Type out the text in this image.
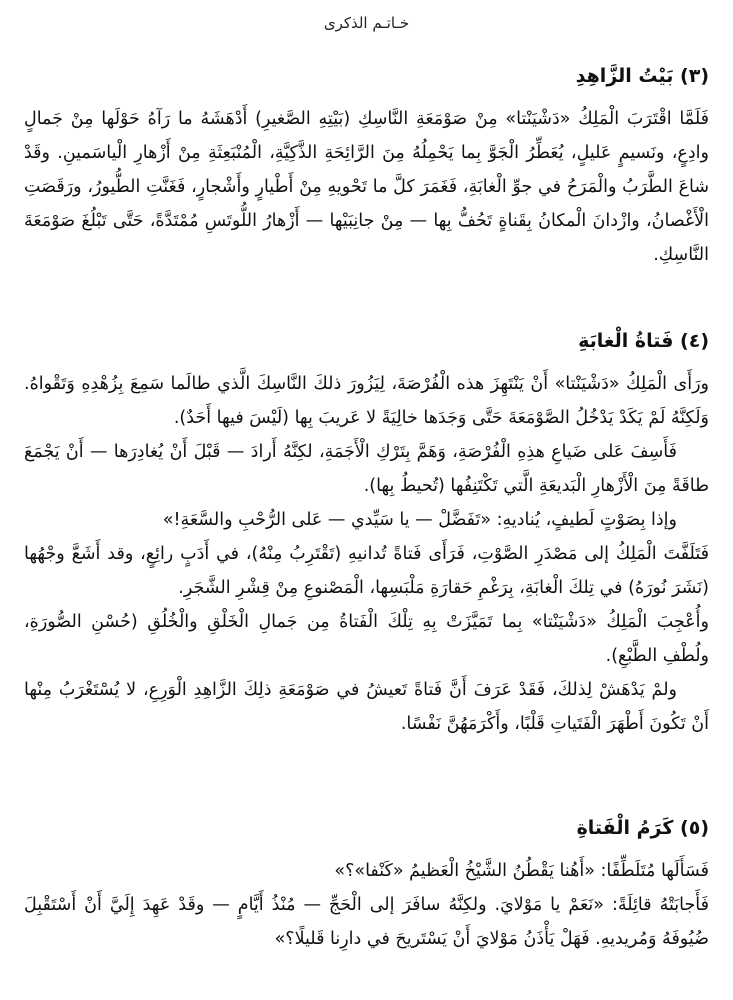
خـاتـم الذكرى
(٣) بَيْتُ الزَّاهِدِ

فَلَمَّا اقْتَرَبَ الْمَلِكُ «دَشْيَنْتا» مِنْ صَوْمَعَةِ النَّاسِكِ (بَيْتِهِ الصَّغيرِ) أَدْهَشَهُ ما رَآهُ حَوْلَها مِنْ جَمالٍ وادِعٍ، ونَسيمٍ عَليلٍ، يُعَطِّرُ الْجَوَّ بِما يَحْمِلُهُ مِنَ الرَّائِحَةِ الذَّكِيَّةِ، الْمُنْبَعِثَةِ مِنْ أَزْهارِ الْياسَمينِ. وقَدْ شاعَ الطَّرَبُ والْمَرَحُ في جوِّ الْغابَةِ، فَغَمَرَ كلَّ ما تَحْويهِ مِنْ أَطْيارٍ وأَشْجارٍ، فَغَنَّتِ الطُّيورُ، ورَقَصَتِ الْأَغْصانُ، وازْدانَ الْمكانُ بِقَناةٍ تَحُفُّ بِها — مِنْ جانِبَيْها — أَزْهارُ اللُّوتَسِ مُمْتَدَّةً، حَتَّى تَبْلُغَ صَوْمَعَةَ النَّاسِكِ.

(٤) فَتاةُ الْغابَةِ

ورَأَى الْمَلِكُ «دَشْيَنْتا» أَنْ يَنْتَهِزَ هذه الْفُرْصَةَ، لِيَزُورَ ذلكَ النَّاسِكَ الَّذي طالَما سَمِعَ بِزُهْدِهِ وَتَقْواهُ. وَلَكِنَّهُ لَمْ يَكَدْ يَدْخُلُ الصَّوْمَعَةَ حَتَّى وَجَدَها خالِيَةً لا عَريبَ بِها (لَيْسَ فيها أَحَدٌ).

فَأَسِفَ عَلى ضَياعِ هذِهِ الْفُرْصَةِ، وَهَمَّ بِتَرْكِ الْأَجَمَةِ، لكِنَّهُ أَرادَ — قَبْلَ أَنْ يُغادِرَها — أَنْ يَجْمَعَ طاقَةً مِنَ الْأَزْهارِ الْبَديعَةِ الَّتي تَكْتَنِفُها (تُحيطُ بِها).

وإذا بِصَوْتٍ لَطيفٍ، يُناديهِ: «تَفَضَّلْ — يا سَيِّدي — عَلى الرُّحْبِ والسَّعَةِ!»

فَتَلَفَّتَ الْمَلِكُ إلى مَصْدَرِ الصَّوْتِ، فَرَأَى فَتاةً تُدانيهِ (تَقْتَرِبُ مِنْهُ)، في أَدَبٍ رائِعٍ، وقد أَشَعَّ وجْهُها (نَشَرَ نُورَهُ) في تِلكَ الْغابَةِ، بِرَغْمِ حَقارَةِ مَلْبَسِها، الْمَصْنوعِ مِنْ قِشْرِ الشَّجَرِ.

وأُعْجِبَ الْمَلِكُ «دَشْيَنْتا» بِما تَمَيَّزَتْ بِهِ تِلْكَ الْفَتاةُ مِن جَمالِ الْخَلْقِ والْخُلُقِ (حُسْنِ الصُّورَةِ، ولُطْفِ الطَّبْعِ).

ولمْ يَدْهَشْ لِذلكَ، فَقَدْ عَرَفَ أَنَّ فَتاةً تَعيشُ في صَوْمَعَةِ ذلِكَ الزَّاهِدِ الْوَرِعِ، لا يُسْتَغْرَبُ مِنْها أَنْ تَكُونَ أَطْهَرَ الْفَتَياتِ قَلْبًا، وأَكْرَمَهُنَّ نَفْسًا.

(٥) كَرَمُ الْفَتاةِ

فَسَأَلَها مُتَلَطِّفًا: «أَهُنا يَقْطُنُ الشَّيْخُ الْعَظيمُ «كَنْفا»؟»

فَأَجابَتْهُ قائِلَةً: «نَعَمْ يا مَوْلايَ. ولكِنَّهُ سافَرَ إلى الْحَجِّ — مُنْذُ أَيَّامٍ — وقَدْ عَهِدَ إِلَيَّ أَنْ أَسْتَقْبِلَ ضُيُوفَهُ وَمُريديهِ. فَهَلْ يَأْذَنُ مَوْلايَ أَنْ يَسْتَريحَ في دارِنا قَليلًا؟»
